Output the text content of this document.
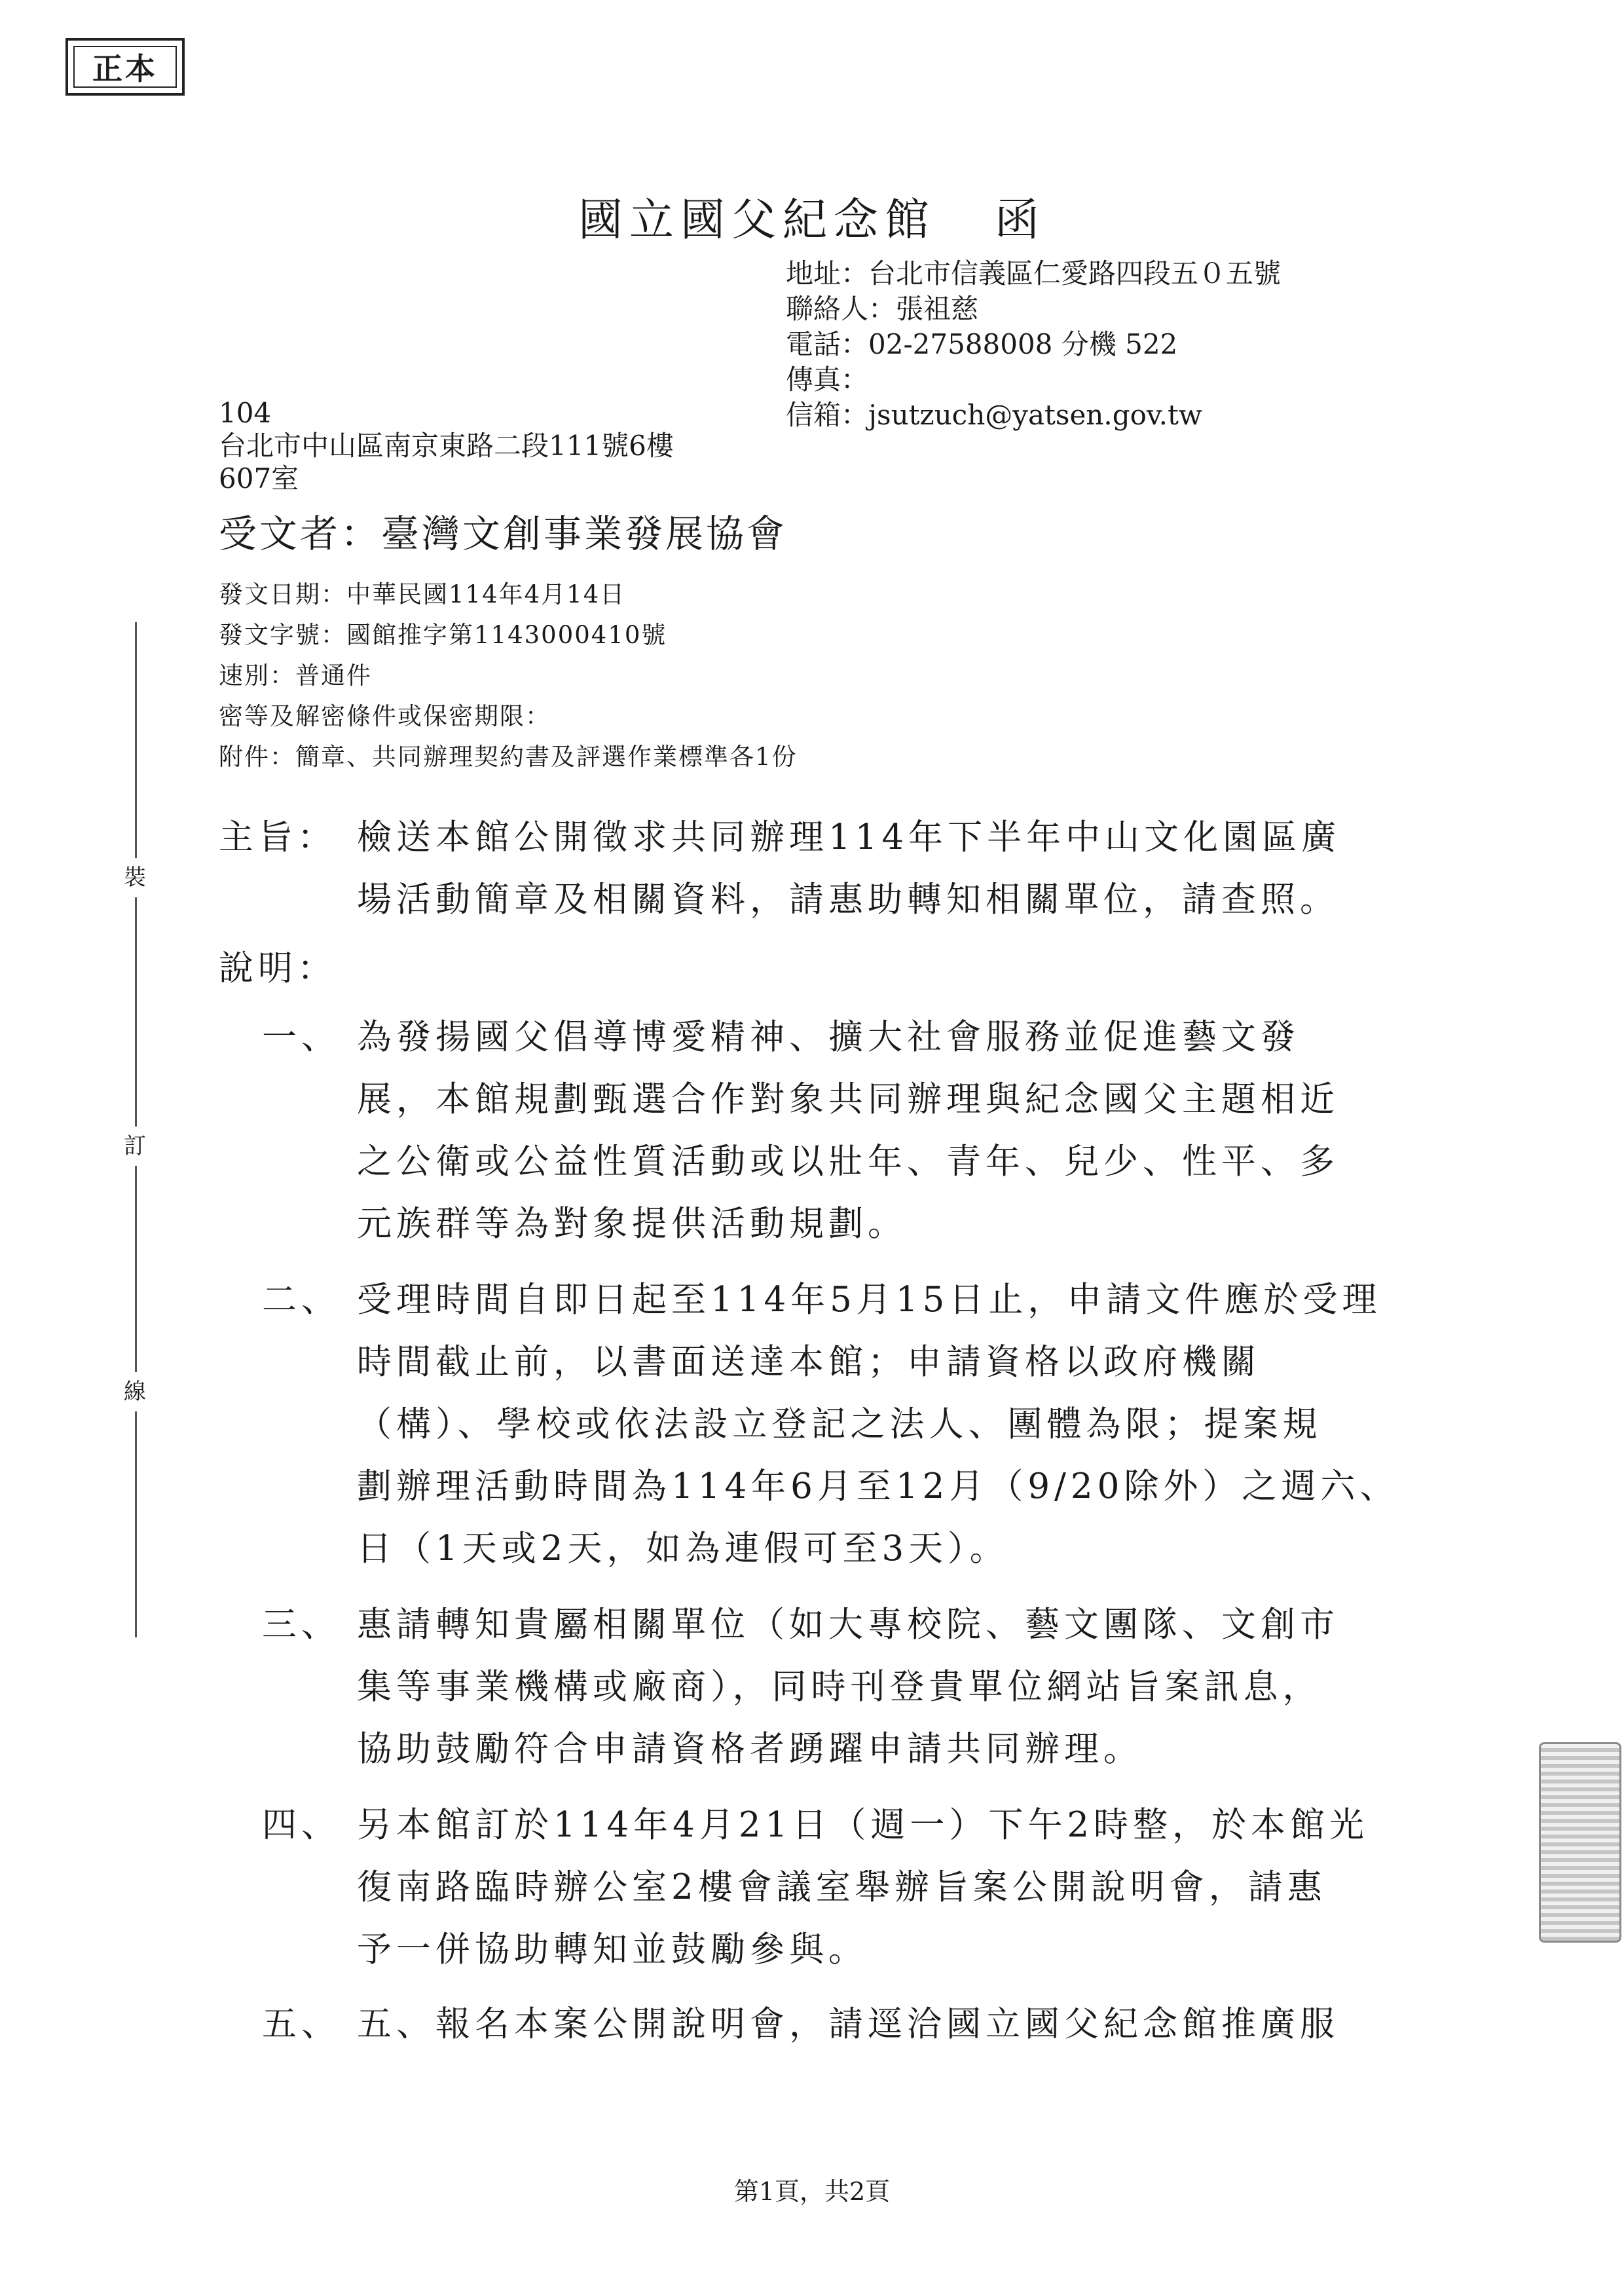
正本
國立國父紀念館 函
地址：台北市信義區仁愛路四段五０五號
聯絡人：張祖慈
電話：02-27588008 分機 522
傳真：
信箱：jsutzuch@yatsen.gov.tw
104
台北市中山區南京東路二段111號6樓
607室
受文者：臺灣文創事業發展協會
發文日期：中華民國114年4月14日
發文字號：國館推字第1143000410號
速別：普通件
密等及解密條件或保密期限：
附件：簡章、共同辦理契約書及評選作業標準各1份
主旨： 檢送本館公開徵求共同辦理114年下半年中山文化園區廣
場活動簡章及相關資料，請惠助轉知相關單位，請查照。
說明：
一、 為發揚國父倡導博愛精神、擴大社會服務並促進藝文發
展，本館規劃甄選合作對象共同辦理與紀念國父主題相近
之公衛或公益性質活動或以壯年、青年、兒少、性平、多
元族群等為對象提供活動規劃。
二、 受理時間自即日起至114年5月15日止，申請文件應於受理
時間截止前，以書面送達本館；申請資格以政府機關
（構）、學校或依法設立登記之法人、團體為限；提案規
劃辦理活動時間為114年6月至12月（9/20除外）之週六、
日（1天或2天，如為連假可至3天）。
三、 惠請轉知貴屬相關單位（如大專校院、藝文團隊、文創市
集等事業機構或廠商），同時刊登貴單位網站旨案訊息，
協助鼓勵符合申請資格者踴躍申請共同辦理。
四、 另本館訂於114年4月21日（週一）下午2時整，於本館光
復南路臨時辦公室2樓會議室舉辦旨案公開說明會，請惠
予一併協助轉知並鼓勵參與。
五、 五、報名本案公開說明會，請逕洽國立國父紀念館推廣服
裝
訂
線
第1頁，共2頁
